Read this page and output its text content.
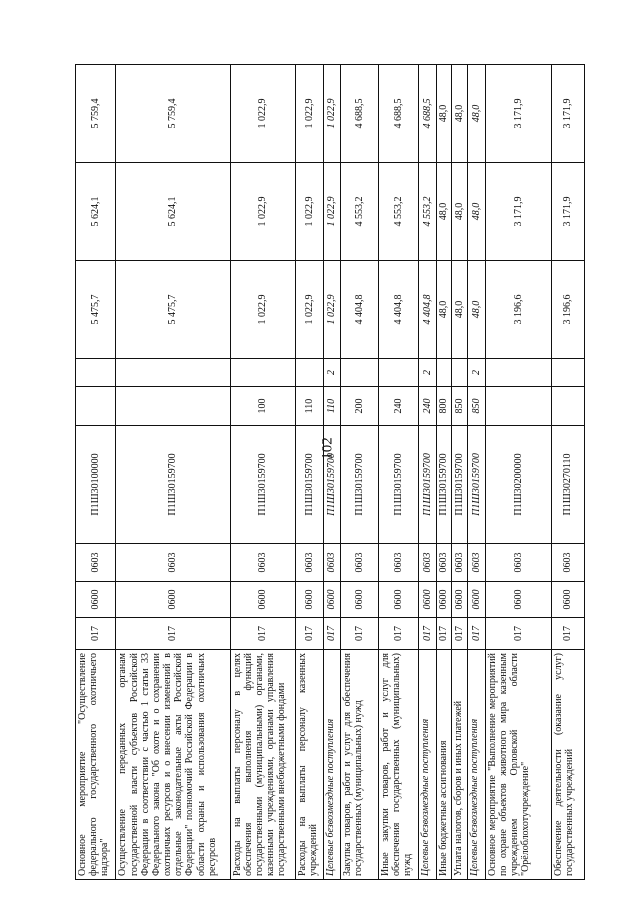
102
Основное мероприятие "Осуществление федерального государственного охотничьего надзора"	017	0600	0603	П1Ш30100000			5 475,7	5 624,1	5 759,4
Осуществление переданных органам государственной власти субъектов Российской Федерации в соответствии с частью 1 статьи 33 Федерального закона "Об охоте и о сохранении охотничьих ресурсов и о внесении изменений в отдельные законодательные акты Российской Федерации" полномочий Российской Федерации в области охраны и использования охотничьих ресурсов	017	0600	0603	П1Ш30159700			5 475,7	5 624,1	5 759,4
Расходы на выплаты персоналу в целях обеспечения выполнения функций государственными (муниципальными) органами, казенными учреждениями, органами управления государственными внебюджетными фондами	017	0600	0603	П1Ш30159700	100		1 022,9	1 022,9	1 022,9
Расходы на выплаты персоналу казенных учреждений	017	0600	0603	П1Ш30159700	110		1 022,9	1 022,9	1 022,9
Целевые безвозмездные поступления	017	0600	0603	П1Ш30159700	110	2	1 022,9	1 022,9	1 022,9
Закупка товаров, работ и услуг для обеспечения государственных (муниципальных) нужд	017	0600	0603	П1Ш30159700	200		4 404,8	4 553,2	4 688,5
Иные закупки товаров, работ и услуг для обеспечения государственных (муниципальных) нужд	017	0600	0603	П1Ш30159700	240		4 404,8	4 553,2	4 688,5
Целевые безвозмездные поступления	017	0600	0603	П1Ш30159700	240	2	4 404,8	4 553,2	4 688,5
Иные бюджетные ассигнования	017	0600	0603	П1Ш30159700	800		48,0	48,0	48,0
Уплата налогов, сборов и иных платежей	017	0600	0603	П1Ш30159700	850		48,0	48,0	48,0
Целевые безвозмездные поступления	017	0600	0603	П1Ш30159700	850	2	48,0	48,0	48,0
Основное мероприятие "Выполнение мероприятий по охране объектов животного мира казенным учреждением Орловской области "Орёлоблохотучреждение"	017	0600	0603	П1Ш30200000			3 196,6	3 171,9	3 171,9
Обеспечение деятельности (оказание услуг) государственных учреждений	017	0600	0603	П1Ш30270110			3 196,6	3 171,9	3 171,9
